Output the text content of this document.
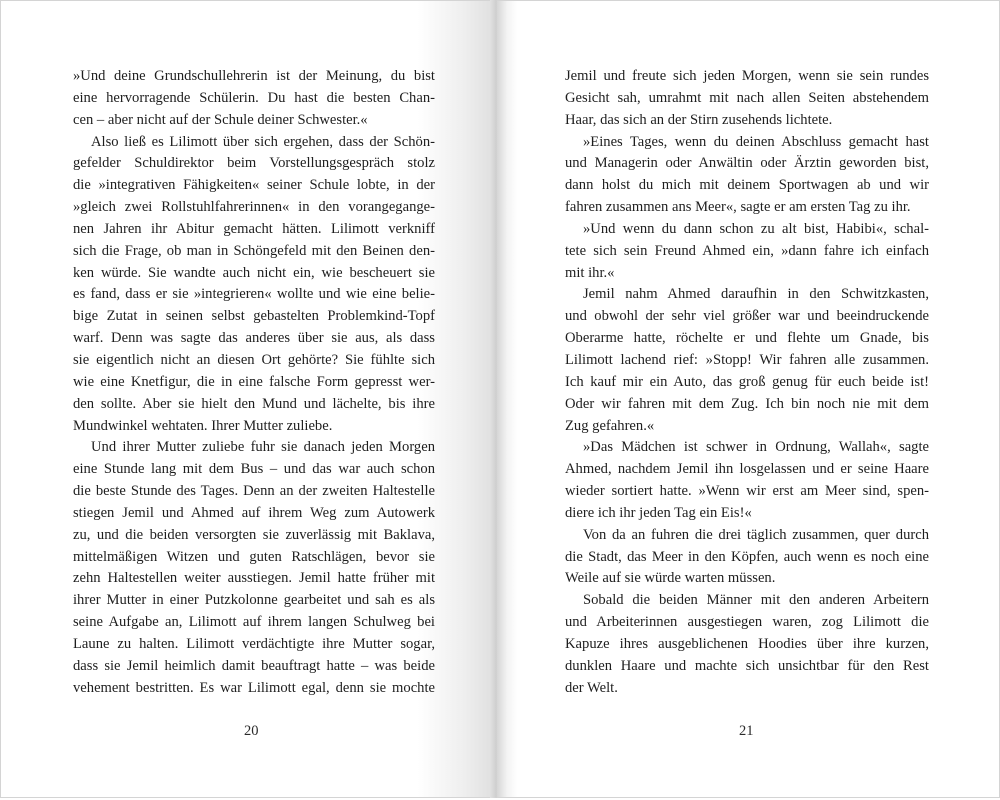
»Und deine Grundschullehrerin ist der Meinung, du bist
eine hervorragende Schülerin. Du hast die besten Chan-
cen – aber nicht auf der Schule deiner Schwester.«
Also ließ es Lilimott über sich ergehen, dass der Schön-
gefelder Schuldirektor beim Vorstellungsgespräch stolz
die »integrativen Fähigkeiten« seiner Schule lobte, in der
»gleich zwei Rollstuhlfahrerinnen« in den vorangegange-
nen Jahren ihr Abitur gemacht hätten. Lilimott verkniff
sich die Frage, ob man in Schöngefeld mit den Beinen den-
ken würde. Sie wandte auch nicht ein, wie bescheuert sie
es fand, dass er sie »integrieren« wollte und wie eine belie-
bige Zutat in seinen selbst gebastelten Problemkind-Topf
warf. Denn was sagte das anderes über sie aus, als dass
sie eigentlich nicht an diesen Ort gehörte? Sie fühlte sich
wie eine Knetfigur, die in eine falsche Form gepresst wer-
den sollte. Aber sie hielt den Mund und lächelte, bis ihre
Mundwinkel wehtaten. Ihrer Mutter zuliebe.
Und ihrer Mutter zuliebe fuhr sie danach jeden Morgen
eine Stunde lang mit dem Bus – und das war auch schon
die beste Stunde des Tages. Denn an der zweiten Haltestelle
stiegen Jemil und Ahmed auf ihrem Weg zum Autowerk
zu, und die beiden versorgten sie zuverlässig mit Baklava,
mittelmäßigen Witzen und guten Ratschlägen, bevor sie
zehn Haltestellen weiter ausstiegen. Jemil hatte früher mit
ihrer Mutter in einer Putzkolonne gearbeitet und sah es als
seine Aufgabe an, Lilimott auf ihrem langen Schulweg bei
Laune zu halten. Lilimott verdächtigte ihre Mutter sogar,
dass sie Jemil heimlich damit beauftragt hatte – was beide
vehement bestritten. Es war Lilimott egal, denn sie mochte
20
Jemil und freute sich jeden Morgen, wenn sie sein rundes
Gesicht sah, umrahmt mit nach allen Seiten abstehendem
Haar, das sich an der Stirn zusehends lichtete.
»Eines Tages, wenn du deinen Abschluss gemacht hast
und Managerin oder Anwältin oder Ärztin geworden bist,
dann holst du mich mit deinem Sportwagen ab und wir
fahren zusammen ans Meer«, sagte er am ersten Tag zu ihr.
»Und wenn du dann schon zu alt bist, Habibi«, schal-
tete sich sein Freund Ahmed ein, »dann fahre ich einfach
mit ihr.«
Jemil nahm Ahmed daraufhin in den Schwitzkasten,
und obwohl der sehr viel größer war und beeindruckende
Oberarme hatte, röchelte er und flehte um Gnade, bis
Lilimott lachend rief: »Stopp! Wir fahren alle zusammen.
Ich kauf mir ein Auto, das groß genug für euch beide ist!
Oder wir fahren mit dem Zug. Ich bin noch nie mit dem
Zug gefahren.«
»Das Mädchen ist schwer in Ordnung, Wallah«, sagte
Ahmed, nachdem Jemil ihn losgelassen und er seine Haare
wieder sortiert hatte. »Wenn wir erst am Meer sind, spen-
diere ich ihr jeden Tag ein Eis!«
Von da an fuhren die drei täglich zusammen, quer durch
die Stadt, das Meer in den Köpfen, auch wenn es noch eine
Weile auf sie würde warten müssen.
Sobald die beiden Männer mit den anderen Arbeitern
und Arbeiterinnen ausgestiegen waren, zog Lilimott die
Kapuze ihres ausgeblichenen Hoodies über ihre kurzen,
dunklen Haare und machte sich unsichtbar für den Rest
der Welt.
21
